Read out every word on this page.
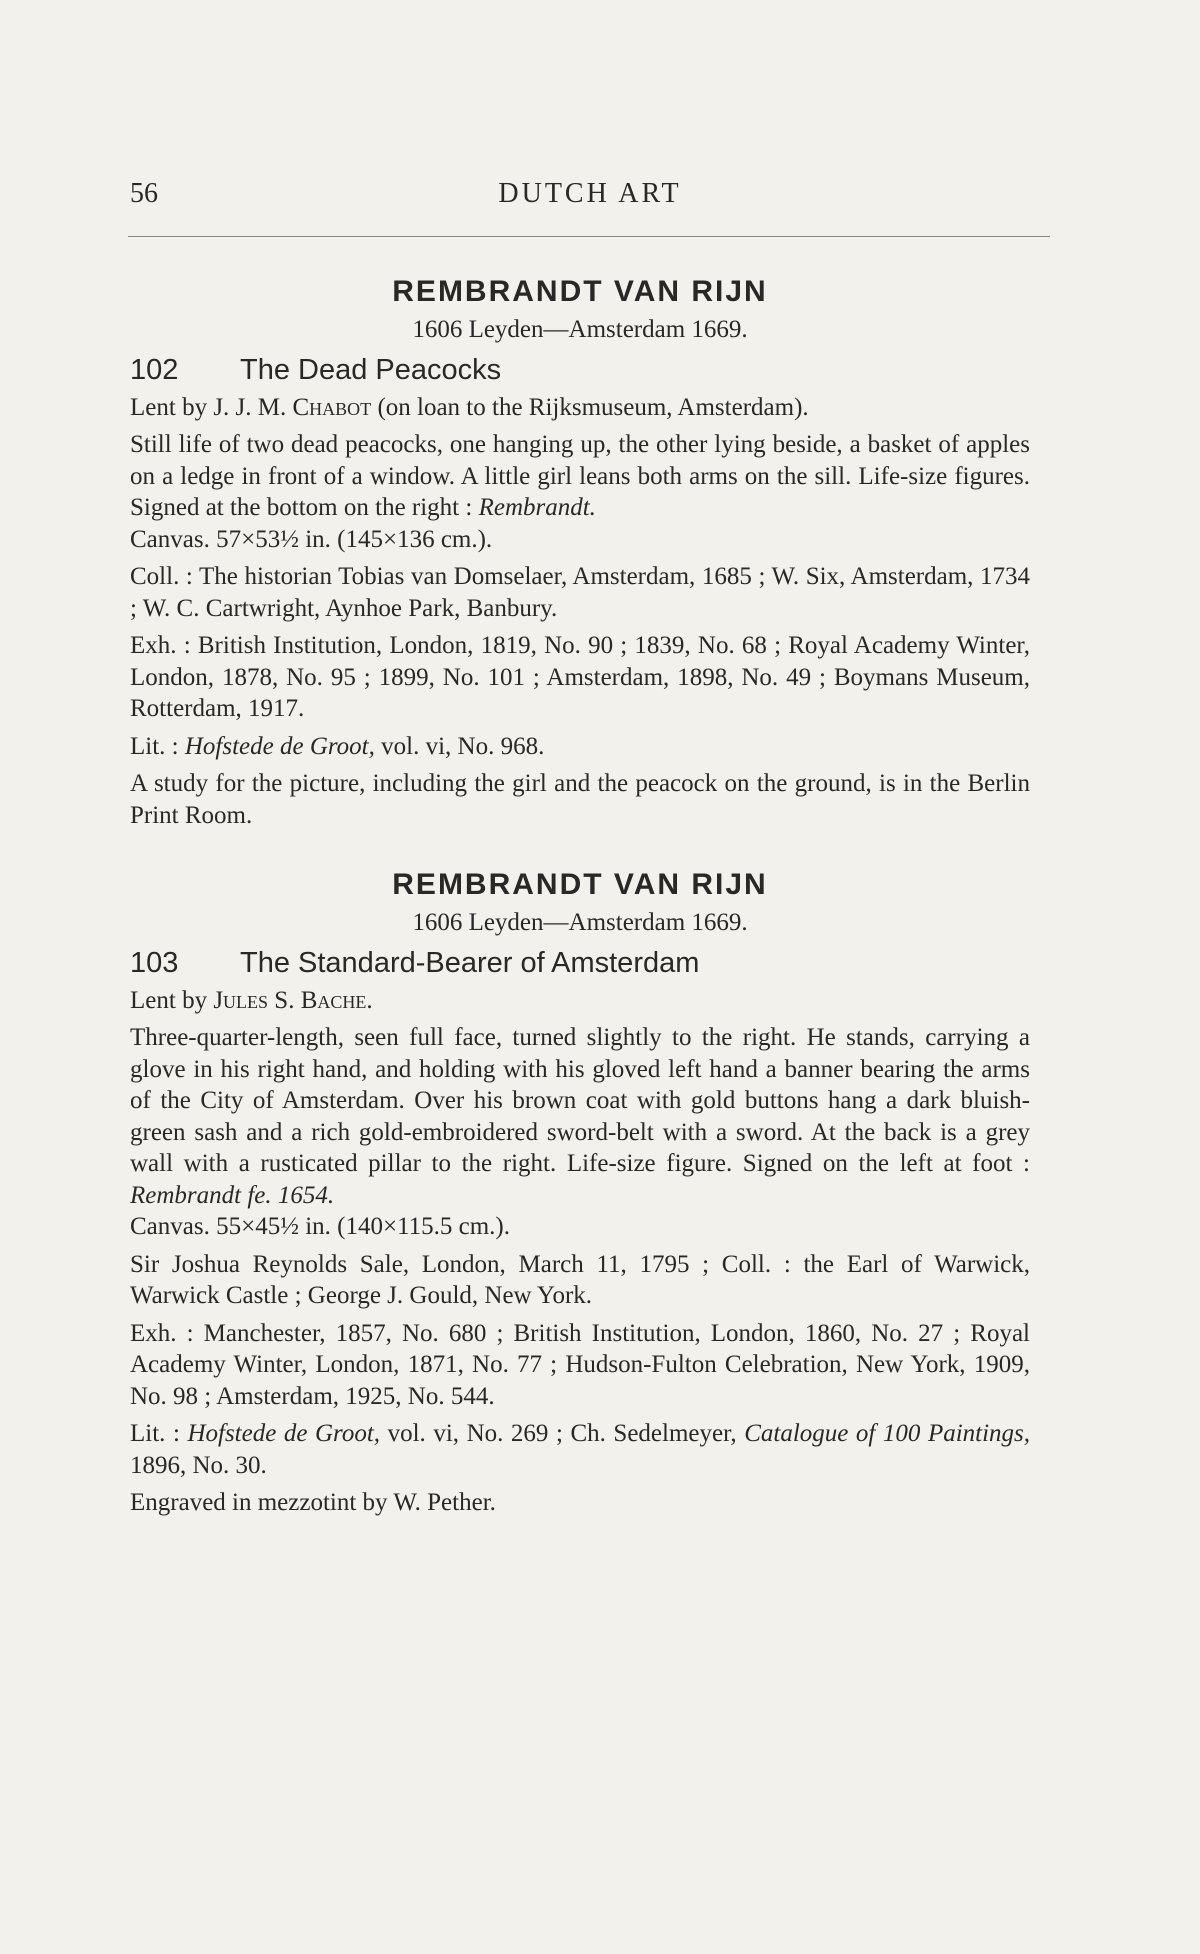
56	DUTCH ART
REMBRANDT VAN RIJN

1606 Leyden—Amsterdam 1669.

102	The Dead Peacocks

Lent by J. J. M. Chabot (on loan to the Rijksmuseum, Amsterdam).

Still life of two dead peacocks, one hanging up, the other lying beside, a basket of apples on a ledge in front of a window. A little girl leans both arms on the sill. Life-size figures. Signed at the bottom on the right : Rembrandt.
Canvas. 57×53½ in. (145×136 cm.).

Coll. : The historian Tobias van Domselaer, Amsterdam, 1685 ; W. Six, Amsterdam, 1734 ; W. C. Cartwright, Aynhoe Park, Banbury.

Exh. : British Institution, London, 1819, No. 90 ; 1839, No. 68 ; Royal Academy Winter, London, 1878, No. 95 ; 1899, No. 101 ; Amsterdam, 1898, No. 49 ; Boymans Museum, Rotterdam, 1917.

Lit. : Hofstede de Groot, vol. vi, No. 968.

A study for the picture, including the girl and the peacock on the ground, is in the Berlin Print Room.

REMBRANDT VAN RIJN

1606 Leyden—Amsterdam 1669.

103	The Standard-Bearer of Amsterdam

Lent by Jules S. Bache.

Three-quarter-length, seen full face, turned slightly to the right. He stands, carrying a glove in his right hand, and holding with his gloved left hand a banner bearing the arms of the City of Amsterdam. Over his brown coat with gold buttons hang a dark bluish-green sash and a rich gold-embroidered sword-belt with a sword. At the back is a grey wall with a rusticated pillar to the right. Life-size figure. Signed on the left at foot : Rembrandt fe. 1654.
Canvas. 55×45½ in. (140×115.5 cm.).

Sir Joshua Reynolds Sale, London, March 11, 1795 ; Coll. : the Earl of Warwick, Warwick Castle ; George J. Gould, New York.

Exh. : Manchester, 1857, No. 680 ; British Institution, London, 1860, No. 27 ; Royal Academy Winter, London, 1871, No. 77 ; Hudson-Fulton Celebration, New York, 1909, No. 98 ; Amsterdam, 1925, No. 544.

Lit. : Hofstede de Groot, vol. vi, No. 269 ; Ch. Sedelmeyer, Catalogue of 100 Paintings, 1896, No. 30.

Engraved in mezzotint by W. Pether.
